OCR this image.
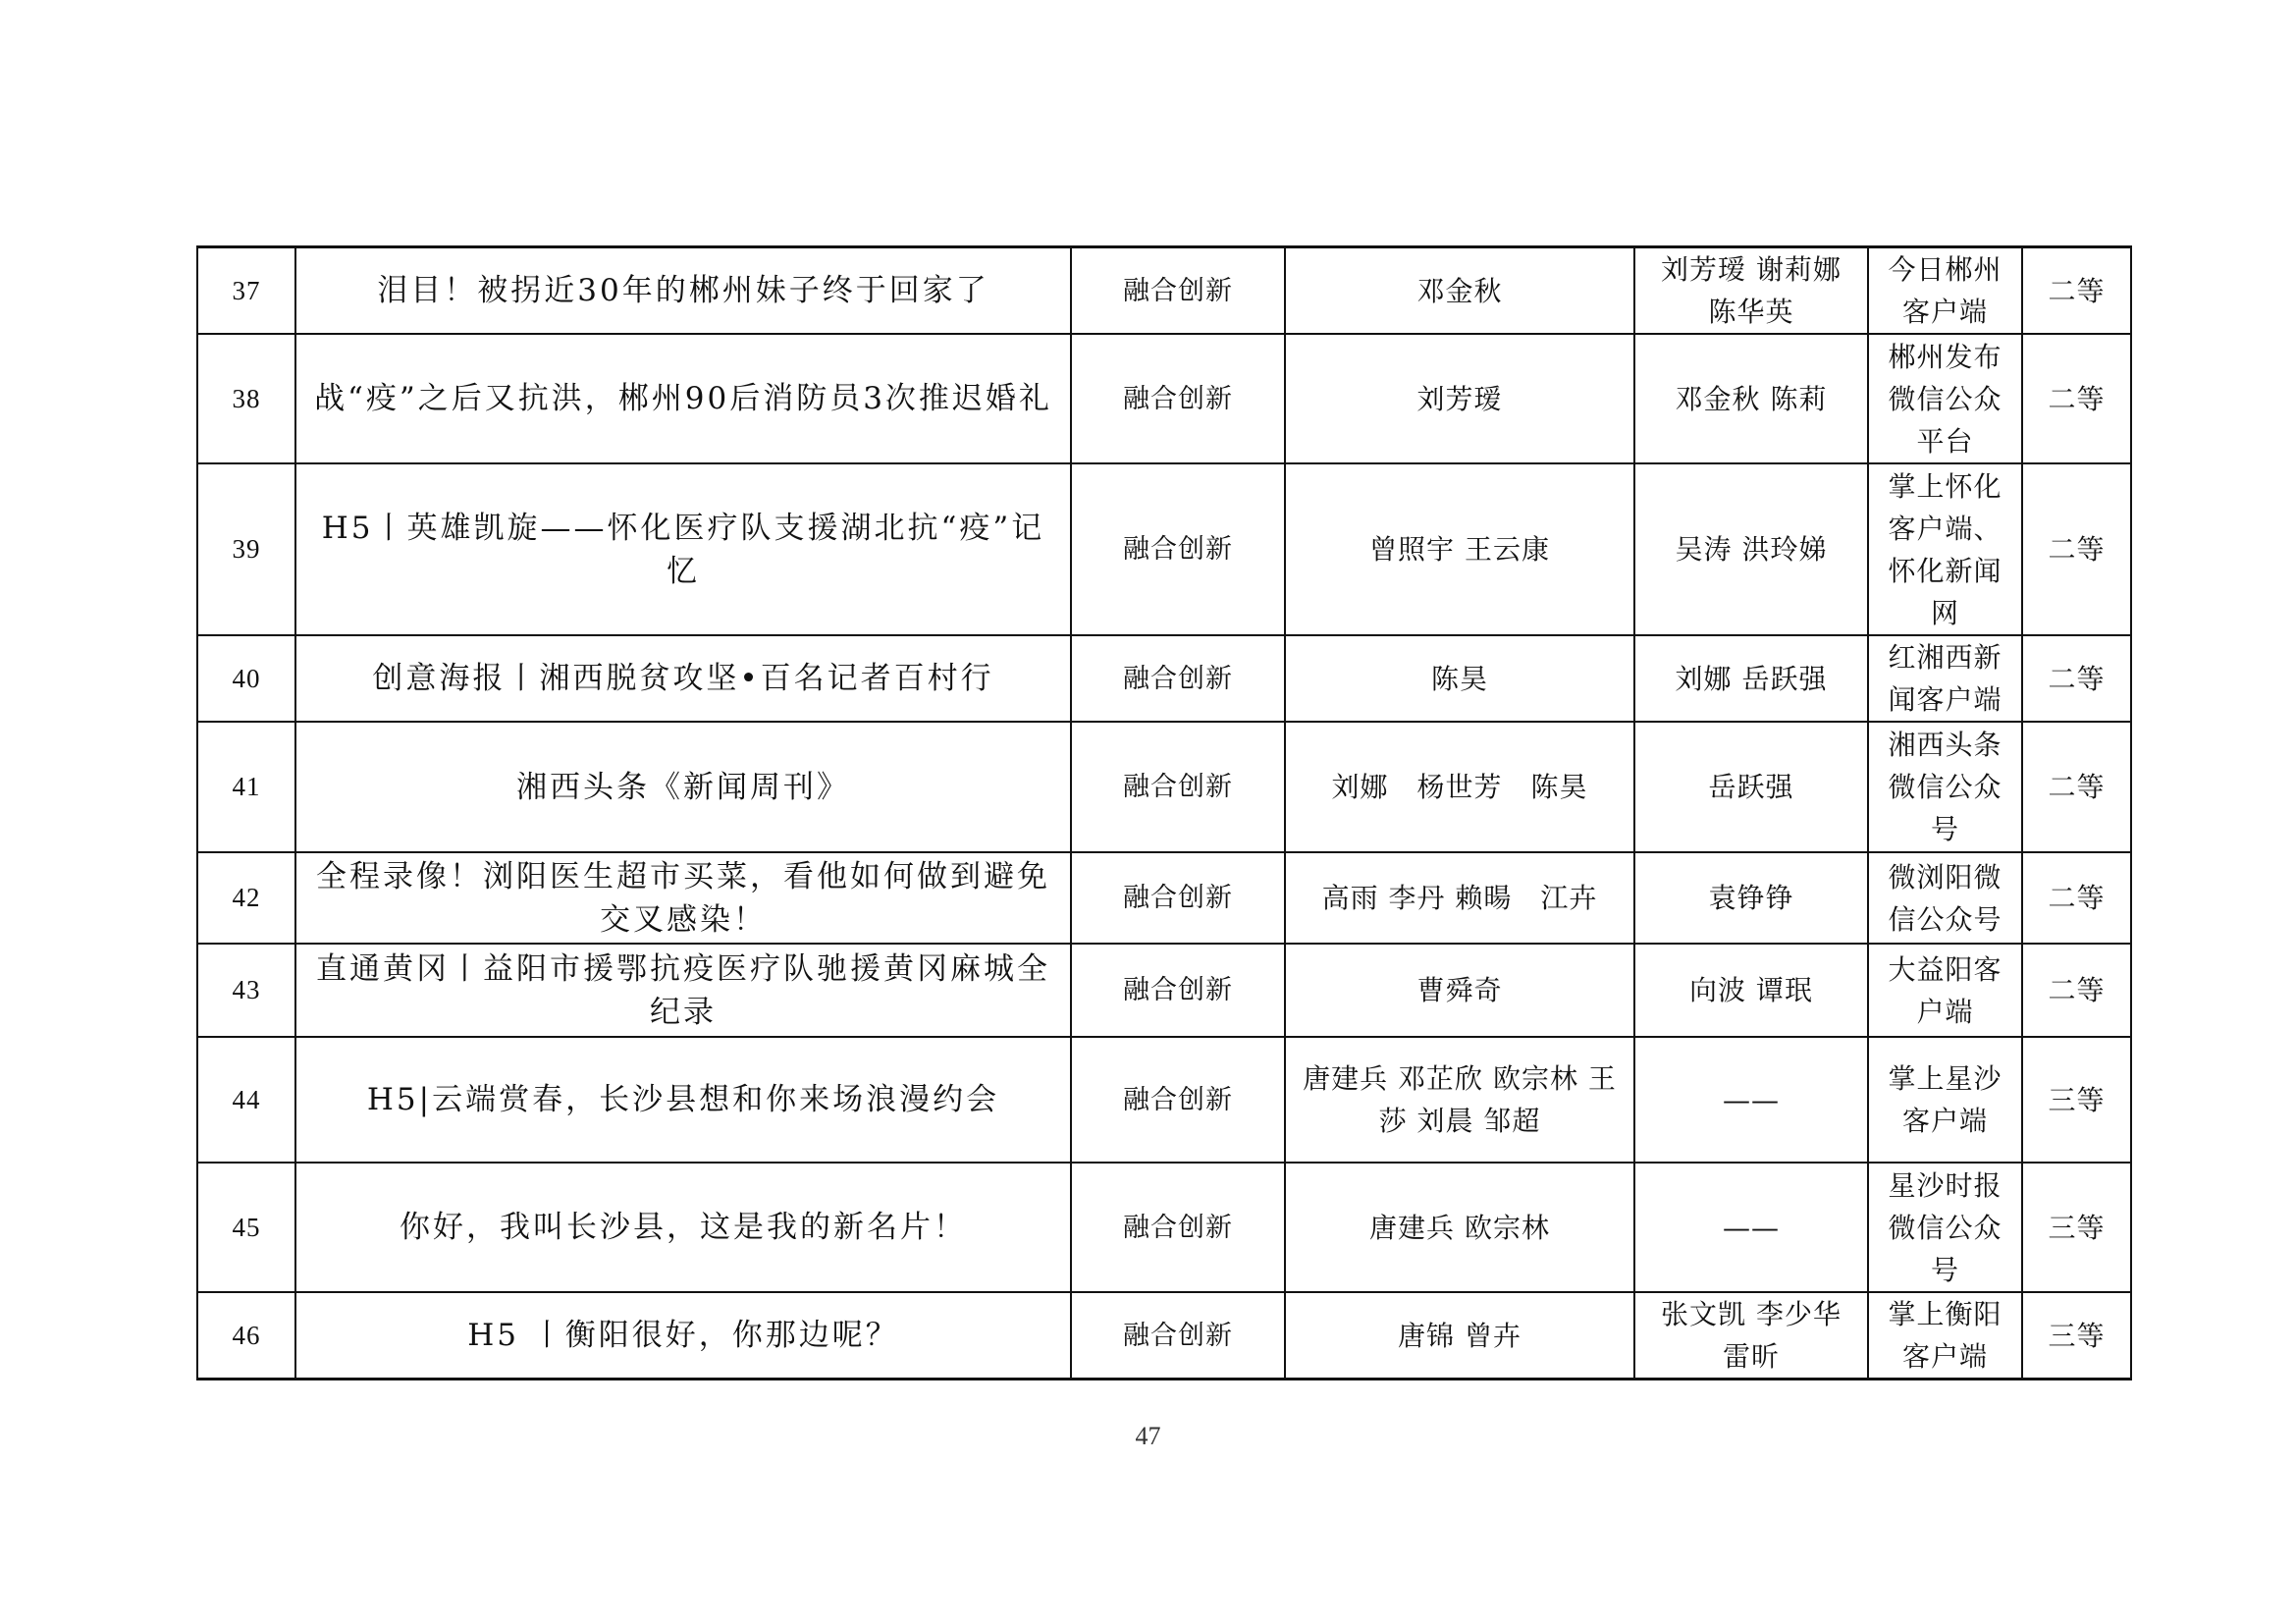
37	泪目！被拐近30年的郴州妹子终于回家了	融合创新	邓金秋	刘芳瑷 谢莉娜 陈华英	今日郴州客户端	二等
38	战“疫”之后又抗洪，郴州90后消防员3次推迟婚礼	融合创新	刘芳瑷	邓金秋 陈莉	郴州发布微信公众平台	二等
39	H5丨英雄凯旋——怀化医疗队支援湖北抗“疫”记忆	融合创新	曾照宇 王云康	吴涛 洪玲娣	掌上怀化客户端、怀化新闻网	二等
40	创意海报丨湘西脱贫攻坚•百名记者百村行	融合创新	陈昊	刘娜 岳跃强	红湘西新闻客户端	二等
41	湘西头条《新闻周刊》	融合创新	刘娜　杨世芳　陈昊	岳跃强	湘西头条微信公众号	二等
42	全程录像！浏阳医生超市买菜，看他如何做到避免交叉感染！	融合创新	高雨 李丹 赖暘　江卉	袁铮铮	微浏阳微信公众号	二等
43	直通黄冈丨益阳市援鄂抗疫医疗队驰援黄冈麻城全纪录	融合创新	曹舜奇	向波 谭珉	大益阳客户端	二等
44	H5|云端赏春，长沙县想和你来场浪漫约会	融合创新	唐建兵 邓芷欣 欧宗林 王莎 刘晨 邹超	——	掌上星沙客户端	三等
45	你好，我叫长沙县，这是我的新名片！	融合创新	唐建兵 欧宗林	——	星沙时报微信公众号	三等
46	H5 丨衡阳很好，你那边呢？	融合创新	唐锦 曾卉	张文凯 李少华 雷昕	掌上衡阳客户端	三等
47
